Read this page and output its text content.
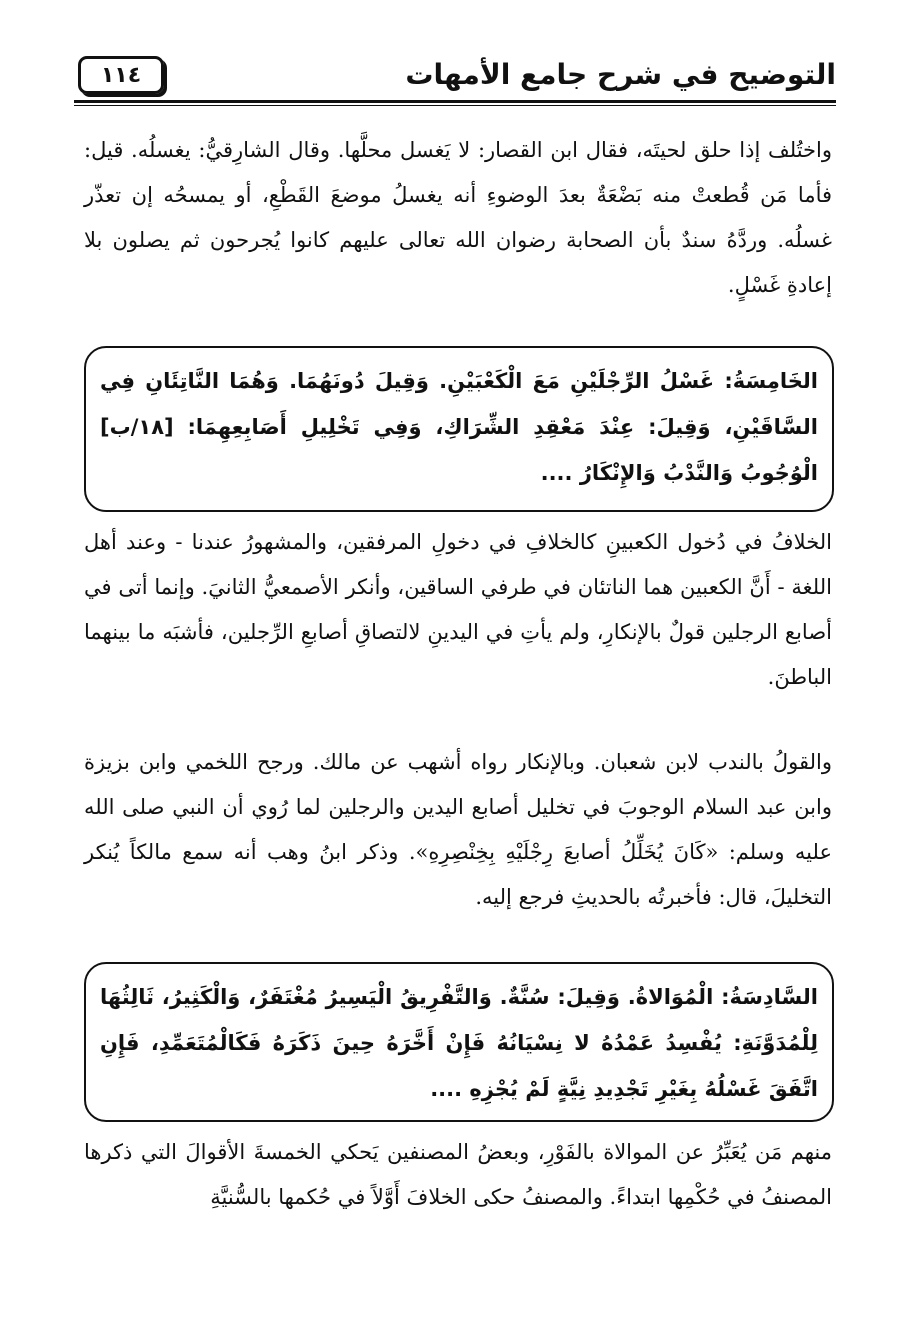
التوضيح في شرح جامع الأمهات
١١٤
واختُلف إذا حلق لحيتَه، فقال ابن القصار: لا يَغسل محلَّها. وقال الشارِقيُّ: يغسلُه. قيل: فأما مَن قُطعتْ منه بَضْعَةٌ بعدَ الوضوءِ أنه يغسلُ موضعَ القَطْعِ، أو يمسحُه إن تعذّر غسلُه. وردَّهُ سندٌ بأن الصحابة رضوان الله تعالى عليهم كانوا يُجرحون ثم يصلون بلا إعادةِ غَسْلٍ.
الخَامِسَةُ: غَسْلُ الرِّجْلَيْنِ مَعَ الْكَعْبَيْنِ. وَقِيلَ دُونَهُمَا. وَهُمَا النَّاتِئَانِ فِي السَّاقَيْنِ، وَقِيلَ: عِنْدَ مَعْقِدِ الشِّرَاكِ، وَفِي تَخْلِيلِ أَصَابِعِهِمَا: [١٨/ب] الْوُجُوبُ وَالنَّدْبُ وَالإِنْكَارُ ....
الخلافُ في دُخول الكعبينِ كالخلافِ في دخولِ المرفقين، والمشهورُ عندنا - وعند أهل اللغة - أَنَّ الكعبين هما الناتئان في طرفي الساقين، وأنكر الأصمعيُّ الثانيَ. وإنما أتى في أصابع الرجلين قولٌ بالإنكارِ، ولم يأتِ في اليدينِ لالتصاقِ أصابعِ الرِّجلين، فأشبَه ما بينهما الباطنَ.
والقولُ بالندب لابن شعبان. وبالإنكار رواه أشهب عن مالك. ورجح اللخمي وابن بزيزة وابن عبد السلام الوجوبَ في تخليل أصابع اليدين والرجلين لما رُوي أن النبي صلى الله عليه وسلم: «كَانَ يُخَلِّلُ أصابعَ رِجْلَيْهِ بِخِنْصِرِهِ». وذكر ابنُ وهب أنه سمع مالكاً يُنكر التخليلَ، قال: فأخبرتُه بالحديثِ فرجع إليه.
السَّادِسَةُ: الْمُوَالاةُ. وَقِيلَ: سُنَّةٌ. وَالتَّفْرِيقُ الْيَسِيرُ مُغْتَفَرٌ، وَالْكَثِيرُ، ثَالِثُهَا لِلْمُدَوَّنَةِ: يُفْسِدُ عَمْدُهُ لا نِسْيَانُهُ فَإِنْ أَخَّرَهُ حِينَ ذَكَرَهُ فَكَالْمُتَعَمِّدِ، فَإِنِ اتَّفَقَ غَسْلُهُ بِغَيْرِ تَجْدِيدِ نِيَّةٍ لَمْ يُجْزِهِ ....
منهم مَن يُعَبِّرُ عن الموالاة بالفَوْرِ، وبعضُ المصنفين يَحكي الخمسةَ الأقوالَ التي ذكرها المصنفُ في حُكْمِها ابتداءً. والمصنفُ حكى الخلافَ أَوَّلاً في حُكمها بالسُّنيَّةِ
